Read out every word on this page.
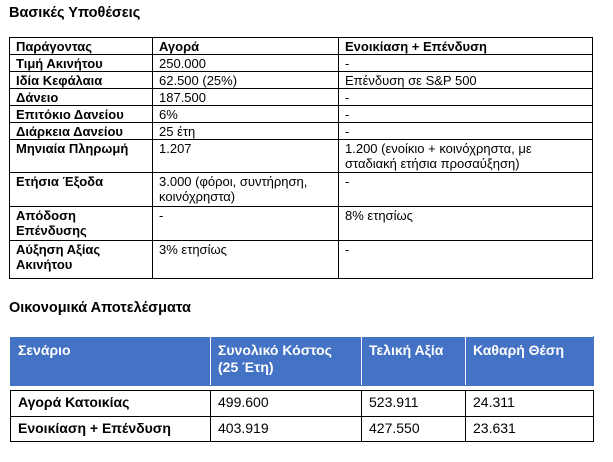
Βασικές Υποθέσεις
Παράγοντας	Αγορά	Ενοικίαση + Επένδυση
Τιμή Ακινήτου	250.000	-
Ιδία Κεφάλαια	62.500 (25%)	Επένδυση σε S&P 500
Δάνειο	187.500	-
Επιτόκιο Δανείου	6%	-
Διάρκεια Δανείου	25 έτη	-
Μηνιαία Πληρωμή	1.207	1.200 (ενοίκιο + κοινόχρηστα, με σταδιακή ετήσια προσαύξηση)
Ετήσια Έξοδα	3.000 (φόροι, συντήρηση, κοινόχρηστα)	-
Απόδοση Επένδυσης	-	8% ετησίως
Αύξηση Αξίας Ακινήτου	3% ετησίως	-
Οικονομικά Αποτελέσματα
Σενάριο	Συνολικό Κόστος (25 Έτη)	Τελική Αξία	Καθαρή Θέση

Αγορά Κατοικίας	499.600	523.911	24.311
Ενοικίαση + Επένδυση	403.919	427.550	23.631
